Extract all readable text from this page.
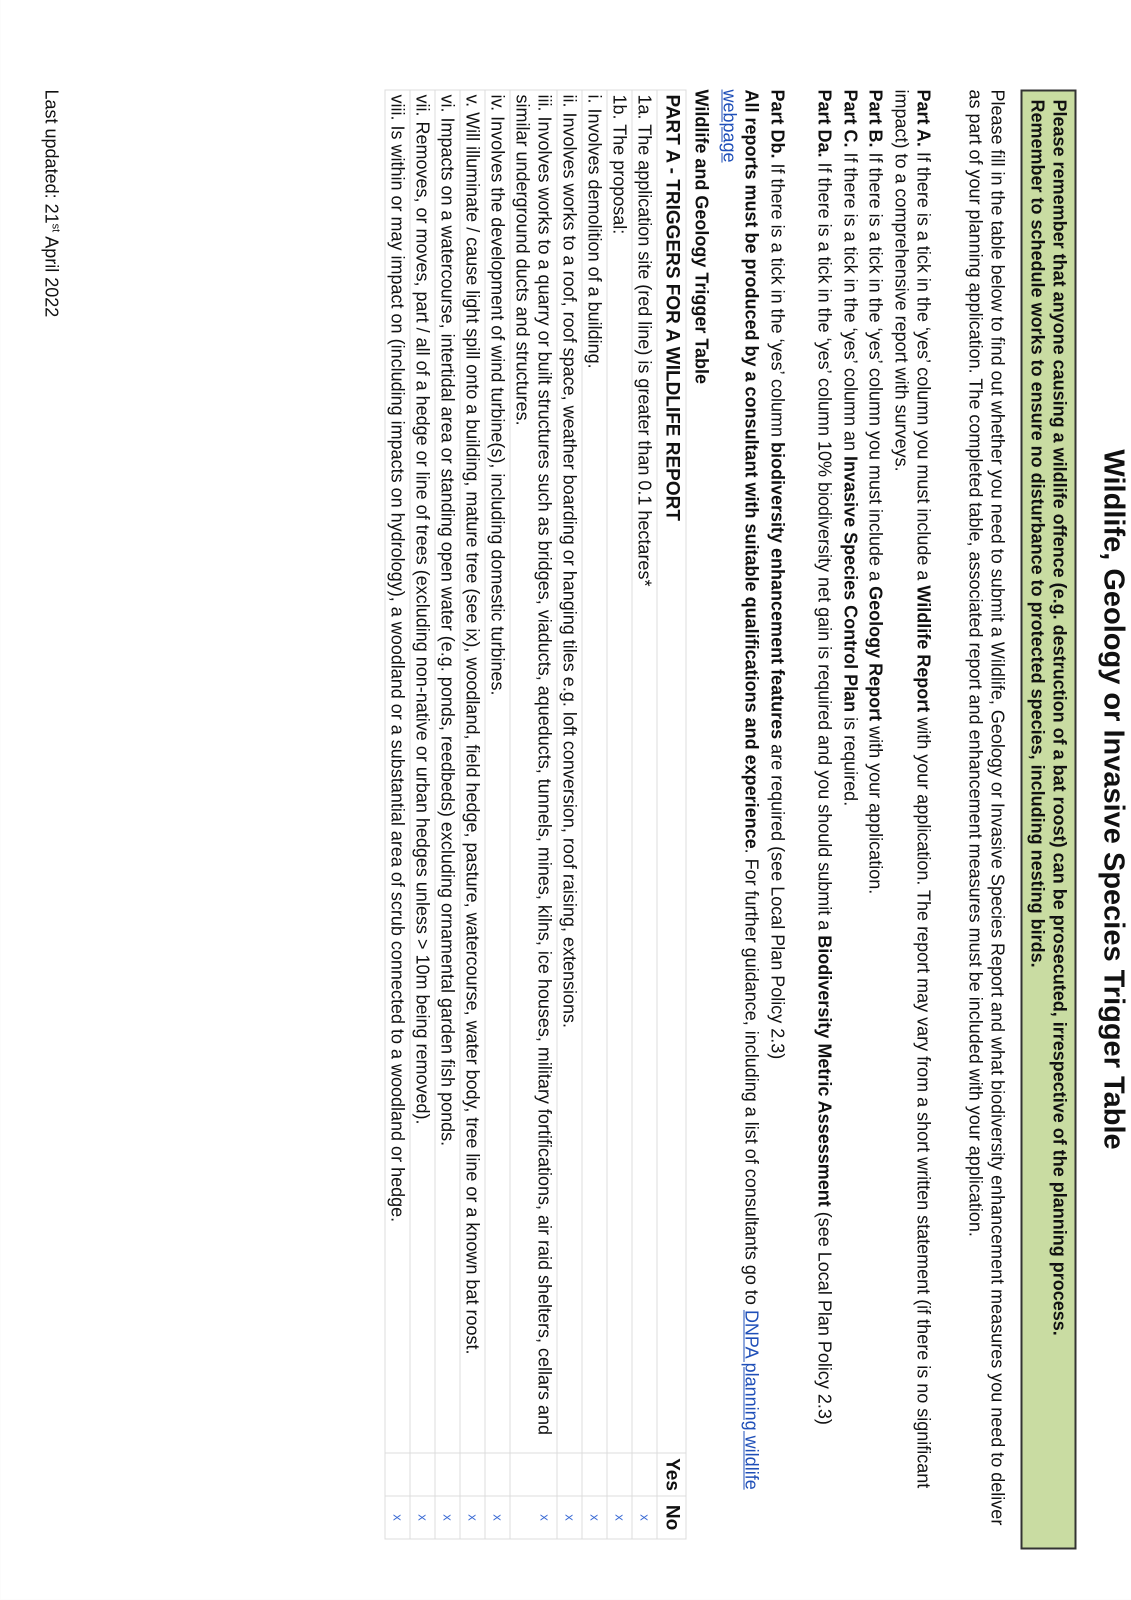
Wildlife, Geology or Invasive Species Trigger Table
Please remember that anyone causing a wildlife offence (e.g. destruction of a bat roost) can be prosecuted, irrespective of the planning process.
Remember to schedule works to ensure no disturbance to protected species, including nesting birds.
Please fill in the table below to find out whether you need to submit a Wildlife, Geology or Invasive Species Report and what biodiversity enhancement measures you need to deliver as part of your planning application. The completed table, associated report and enhancement measures must be included with your application.
Part A. If there is a tick in the ‘yes’ column you must include a Wildlife Report with your application. The report may vary from a short written statement (if there is no significant impact) to a comprehensive report with surveys.
Part B. If there is a tick in the ‘yes’ column you must include a Geology Report with your application.
Part C. If there is a tick in the ‘yes’ column an Invasive Species Control Plan is required.
Part Da. If there is a tick in the ‘yes’ column 10% biodiversity net gain is required and you should submit a Biodiversity Metric Assessment (see Local Plan Policy 2.3)
Part Db. If there is a tick in the ‘yes’ column biodiversity enhancement features are required (see Local Plan Policy 2.3)
All reports must be produced by a consultant with suitable qualifications and experience. For further guidance, including a list of consultants go to DNPA planning wildlife webpage
Wildlife and Geology Trigger Table
PART A - TRIGGERS FOR A WILDLIFE REPORT	Yes	No
1a. The application site (red line) is greater than 0.1 hectares*		x
1b. The proposal:		x
i. Involves demolition of a building.		x
ii. Involves works to a roof, roof space, weather boarding or hanging tiles e.g. loft conversion, roof raising, extensions.		x
iii. Involves works to a quarry or built structures such as bridges, viaducts, aqueducts, tunnels, mines, kilns, ice houses, military fortifications, air raid shelters, cellars and similar underground ducts and structures.		x
iv. Involves the development of wind turbine(s), including domestic turbines.		x
v. Will illuminate / cause light spill onto a building, mature tree (see ix), woodland, field hedge, pasture, watercourse, water body, tree line or a known bat roost.		x
vi. Impacts on a watercourse, intertidal area or standing open water (e.g. ponds, reedbeds) excluding ornamental garden fish ponds.		x
vii. Removes, or moves, part / all of a hedge or line of trees (excluding non-native or urban hedges unless > 10m being removed).		x
viii. Is within or may impact on (including impacts on hydrology), a woodland or a substantial area of scrub connected to a woodland or hedge.		x
Last updated: 21st April 2022
